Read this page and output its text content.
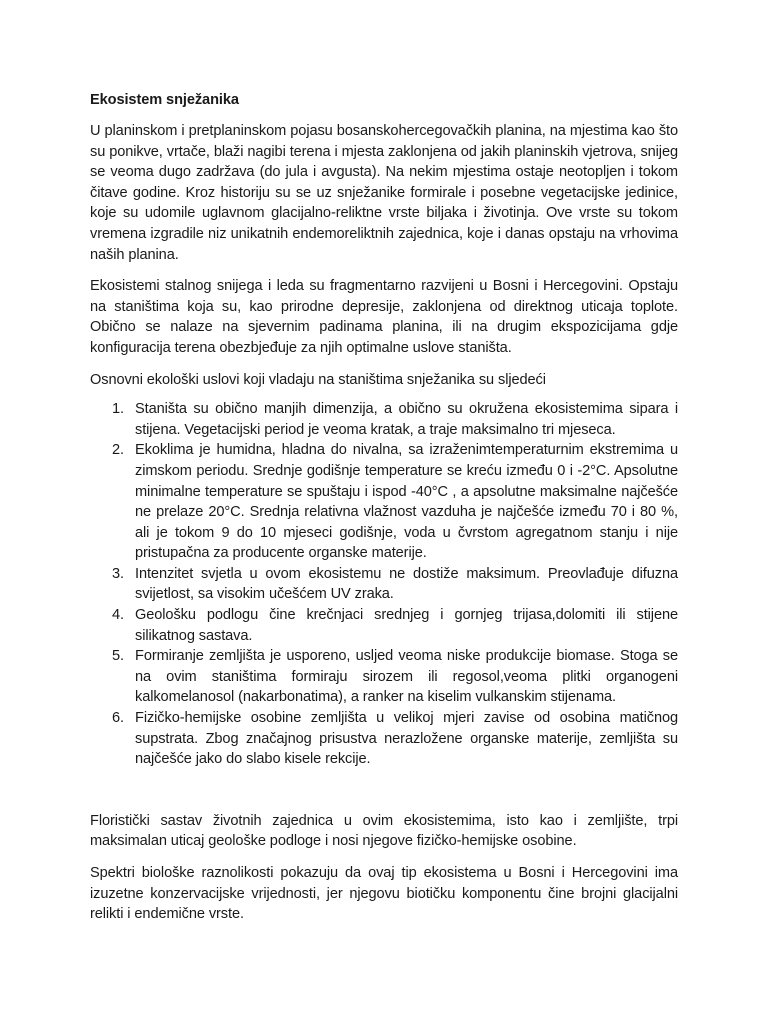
Ekosistem snježanika

U planinskom i pretplaninskom pojasu bosanskohercegovačkih planina, na mjestima kao što su ponikve, vrtače, blaži nagibi terena i mjesta zaklonjena od jakih planinskih vjetrova, snijeg se veoma dugo zadržava (do jula i avgusta). Na nekim mjestima ostaje neotopljen i tokom čitave godine. Kroz historiju su se uz snježanike formirale i posebne vegetacijske jedinice, koje su udomile uglavnom glacijalno-reliktne vrste biljaka i životinja. Ove vrste su tokom vremena izgradile niz unikatnih endemoreliktnih zajednica, koje i danas opstaju na vrhovima naših planina.

Ekosistemi stalnog snijega i leda su fragmentarno razvijeni u Bosni i Hercegovini. Opstaju na staništima koja su, kao prirodne depresije, zaklonjena od direktnog uticaja toplote. Obično se nalaze na sjevernim padinama planina, ili na drugim ekspozicijama gdje konfiguracija terena obezbjeđuje za njih optimalne uslove staništa.

Osnovni ekološki uslovi koji vladaju na staništima snježanika su sljedeći

1. Staništa su obično manjih dimenzija, a obično su okružena ekosistemima sipara i stijena. Vegetacijski period je veoma kratak, a traje maksimalno tri mjeseca.
2. Ekoklima je humidna, hladna do nivalna, sa izraženimtemperaturnim ekstremima u zimskom periodu. Srednje godišnje temperature se kreću između 0 i -2°C. Apsolutne minimalne temperature se spuštaju i ispod -40°C , a apsolutne maksimalne najčešće ne prelaze 20°C. Srednja relativna vlažnost vazduha je najčešće između 70 i 80 %, ali je tokom 9 do 10 mjeseci godišnje, voda u čvrstom agregatnom stanju i nije pristupačna za producente organske materije.
3. Intenzitet svjetla u ovom ekosistemu ne dostiže maksimum. Preovlađuje difuzna svijetlost, sa visokim učešćem UV zraka.
4. Geološku podlogu čine krečnjaci srednjeg i gornjeg trijasa,dolomiti ili stijene silikatnog sastava.
5. Formiranje zemljišta je usporeno, usljed veoma niske produkcije biomase. Stoga se na ovim staništima formiraju sirozem ili regosol,veoma plitki organogeni kalkomelanosol (nakarbonatima), a ranker na kiselim vulkanskim stijenama.
6. Fizičko-hemijske osobine zemljišta u velikoj mjeri zavise od osobina matičnog supstrata. Zbog značajnog prisustva nerazložene organske materije, zemljišta su najčešće jako do slabo kisele rekcije.

Floristički sastav životnih zajednica u ovim ekosistemima, isto kao i zemljište, trpi maksimalan uticaj geološke podloge i nosi njegove fizičko-hemijske osobine.

Spektri biološke raznolikosti pokazuju da ovaj tip ekosistema u Bosni i Hercegovini ima izuzetne konzervacijske vrijednosti, jer njegovu biotičku komponentu čine brojni glacijalni relikti i endemične vrste.
